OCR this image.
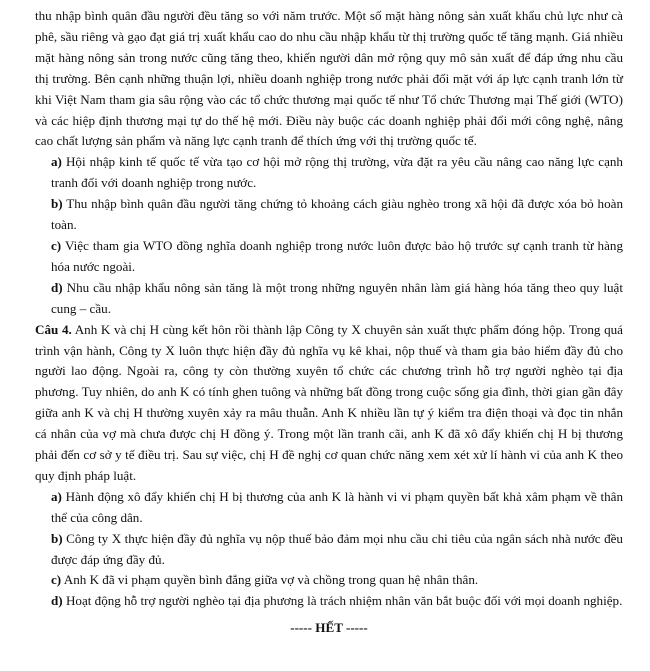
thu nhập bình quân đầu người đều tăng so với năm trước. Một số mặt hàng nông sản xuất khẩu chủ lực như cà phê, sầu riêng và gạo đạt giá trị xuất khẩu cao do nhu cầu nhập khẩu từ thị trường quốc tế tăng mạnh. Giá nhiều mặt hàng nông sản trong nước cũng tăng theo, khiến người dân mở rộng quy mô sản xuất để đáp ứng nhu cầu thị trường. Bên cạnh những thuận lợi, nhiều doanh nghiệp trong nước phải đối mặt với áp lực cạnh tranh lớn từ khi Việt Nam tham gia sâu rộng vào các tổ chức thương mại quốc tế như Tổ chức Thương mại Thế giới (WTO) và các hiệp định thương mại tự do thế hệ mới. Điều này buộc các doanh nghiệp phải đổi mới công nghệ, nâng cao chất lượng sản phẩm và năng lực cạnh tranh để thích ứng với thị trường quốc tế.

a) Hội nhập kinh tế quốc tế vừa tạo cơ hội mở rộng thị trường, vừa đặt ra yêu cầu nâng cao năng lực cạnh tranh đối với doanh nghiệp trong nước.

b) Thu nhập bình quân đầu người tăng chứng tỏ khoảng cách giàu nghèo trong xã hội đã được xóa bỏ hoàn toàn.

c) Việc tham gia WTO đồng nghĩa doanh nghiệp trong nước luôn được bảo hộ trước sự cạnh tranh từ hàng hóa nước ngoài.

d) Nhu cầu nhập khẩu nông sản tăng là một trong những nguyên nhân làm giá hàng hóa tăng theo quy luật cung – cầu.

Câu 4. Anh K và chị H cùng kết hôn rồi thành lập Công ty X chuyên sản xuất thực phẩm đóng hộp. Trong quá trình vận hành, Công ty X luôn thực hiện đầy đủ nghĩa vụ kê khai, nộp thuế và tham gia bảo hiểm đầy đủ cho người lao động. Ngoài ra, công ty còn thường xuyên tổ chức các chương trình hỗ trợ người nghèo tại địa phương. Tuy nhiên, do anh K có tính ghen tuông và những bất đồng trong cuộc sống gia đình, thời gian gần đây giữa anh K và chị H thường xuyên xảy ra mâu thuẫn. Anh K nhiều lần tự ý kiểm tra điện thoại và đọc tin nhắn cá nhân của vợ mà chưa được chị H đồng ý. Trong một lần tranh cãi, anh K đã xô đẩy khiến chị H bị thương phải đến cơ sở y tế điều trị. Sau sự việc, chị H đề nghị cơ quan chức năng xem xét xử lí hành vi của anh K theo quy định pháp luật.

a) Hành động xô đẩy khiến chị H bị thương của anh K là hành vi vi phạm quyền bất khả xâm phạm về thân thể của công dân.

b) Công ty X thực hiện đầy đủ nghĩa vụ nộp thuế bảo đảm mọi nhu cầu chi tiêu của ngân sách nhà nước đều được đáp ứng đầy đủ.

c) Anh K đã vi phạm quyền bình đẳng giữa vợ và chồng trong quan hệ nhân thân.

d) Hoạt động hỗ trợ người nghèo tại địa phương là trách nhiệm nhân văn bắt buộc đối với mọi doanh nghiệp.

----- HẾT -----
